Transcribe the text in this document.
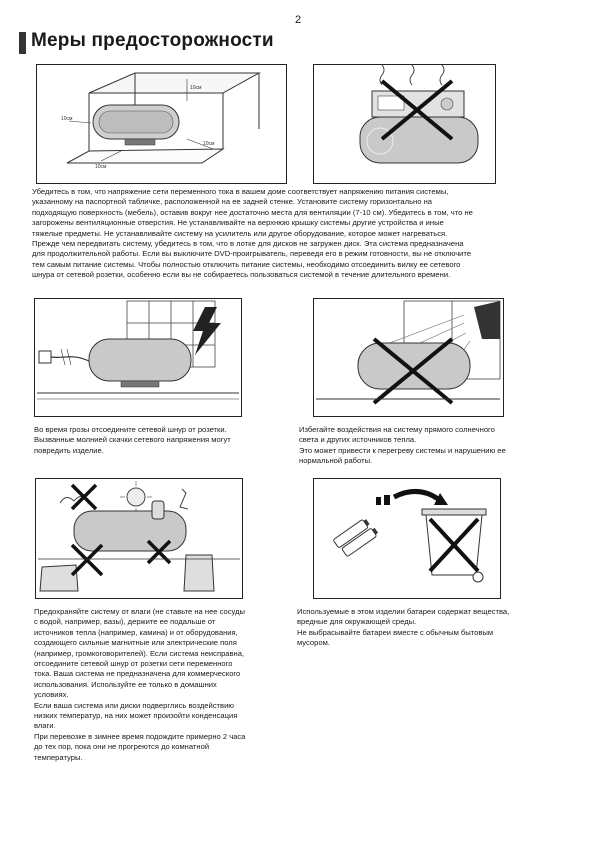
2
Меры предосторожности
10см
10см
10см
10см

Убедитесь в том, что напряжение сети переменного тока в вашем доме соответствует напряжению питания системы,

указанному на паспортной табличке, расположенной на ее задней стенке. Установите систему горизонтально на

подходящую поверхность (мебель), оставив вокруг нее достаточно места для вентиляции (7-10 см). Убедитесь в том, что не

загорожены вентиляционные отверстия. Не устанавливайте на верхнюю крышку системы другие устройства и иные

тяжелые предметы. Не устанавливайте систему на усилитель или другое оборудование, которое может нагреваться.

Прежде чем передвигать систему, убедитесь в том, что в лотке для дисков не загружен диск. Эта система предназначена

для продолжительной работы. Если вы выключите DVD-проигрыватель, переведя его в режим готовности, вы не отключите

тем самым питание системы. Чтобы полностью отключить питание системы, необходимо отсоединить вилку ее сетевого

шнура от сетевой розетки, особенно если вы не собираетесь пользоваться системой в течение длительного времени.

Во время грозы отсоедините сетевой шнур от розетки.

Вызванные молнией скачки сетевого напряжения могут

повредить изделие.

Избегайте воздействия на систему прямого солнечного

света и других источников тепла.

Это может привести к перегреву системы и нарушению ее

нормальной работы.

Предохраняйте систему от влаги (не ставьте на нее сосуды

с водой, например, вазы), держите ее подальше от

источников тепла (например, камина) и от оборудования,

создающего сильные магнитные или электрические поля

(например, громкоговорителей). Если система неисправна,

отсоедините сетевой шнур от розетки сети переменного

тока. Ваша система не предназначена для коммерческого

использования. Используйте ее только в домашних

условиях.

Если ваша система или диски подверглись воздействию

низких температур, на них может произойти конденсация

влаги.

При перевозке в зимнее время подождите примерно 2 часа

до тех пор, пока они не прогреются до комнатной

температуры.

Используемые в этом изделии батареи содержат вещества,

вредные для окружающей среды.

Не выбрасывайте батареи вместе с обычным бытовым

мусором.
